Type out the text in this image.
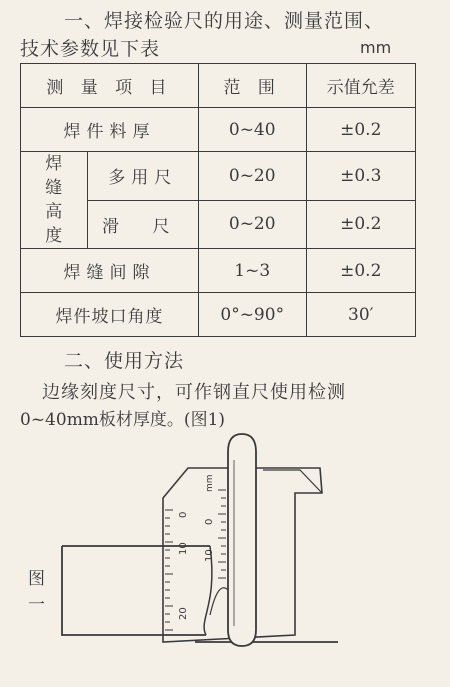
一、焊接检验尺的用途、测量范围、
技术参数见下表	mm
测 量 项 目		范 围	示值允差
焊件料厚		0~40	±0.2

焊缝高度	多用尺	0~20	±0.3
	滑 尺	0~20	±0.2
焊缝间隙		1~3	±0.2
焊件坡口角度		0°~90°	30′
二、使用方法
边缘刻度尺寸，可作钢直尺使用检测
0~40mm板材厚度。(图1)
0
10
0
10
20
mm
图一
